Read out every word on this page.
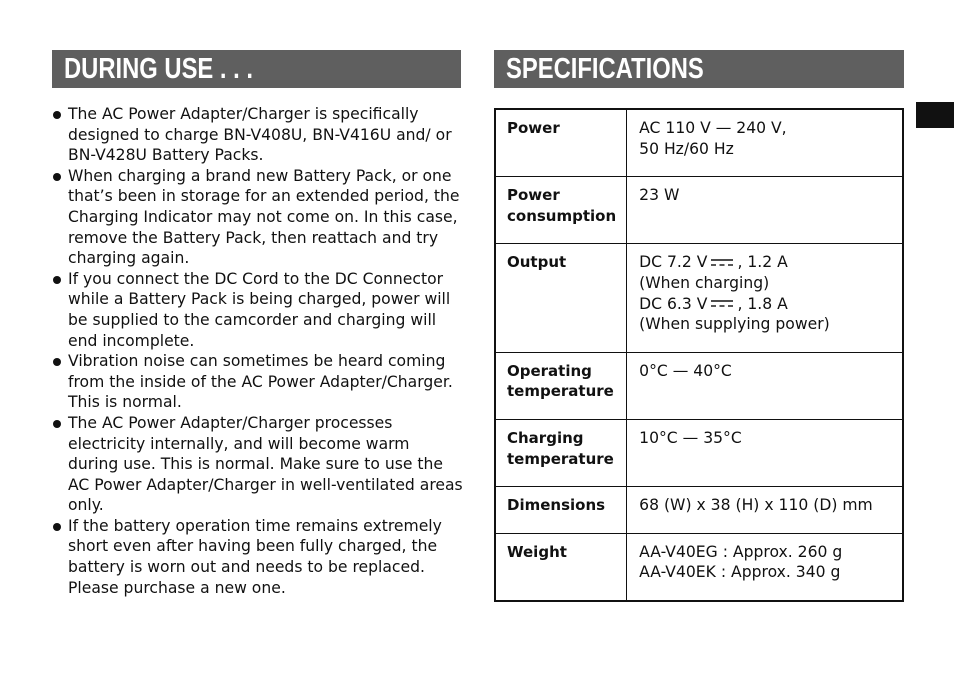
DURING USE . . .	SPECIFICATIONS
The AC Power Adapter/Charger is specifically designed to charge BN-V408U, BN-V416U and/ or BN-V428U Battery Packs.
When charging a brand new Battery Pack, or one that’s been in storage for an extended period, the Charging Indicator may not come on. In this case, remove the Battery Pack, then reattach and try charging again.
If you connect the DC Cord to the DC Connector while a Battery Pack is being charged, power will be supplied to the camcorder and charging will end incomplete.
Vibration noise can sometimes be heard coming from the inside of the AC Power Adapter/Charger. This is normal.
The AC Power Adapter/Charger processes electricity internally, and will become warm during use. This is normal. Make sure to use the AC Power Adapter/Charger in well-ventilated areas only.
If the battery operation time remains extremely short even after having been fully charged, the battery is worn out and needs to be replaced. Please purchase a new one.
Power	AC 110 V — 240 V,
50 Hz/60 Hz
Power
consumption	23 W
Output	DC 7.2 V , 1.2 A
(When charging)
DC 6.3 V , 1.8 A
(When supplying power)
Operating
temperature	0°C — 40°C
Charging
temperature	10°C — 35°C
Dimensions	68 (W) x 38 (H) x 110 (D) mm
Weight	AA-V40EG : Approx. 260 g
AA-V40EK : Approx. 340 g
